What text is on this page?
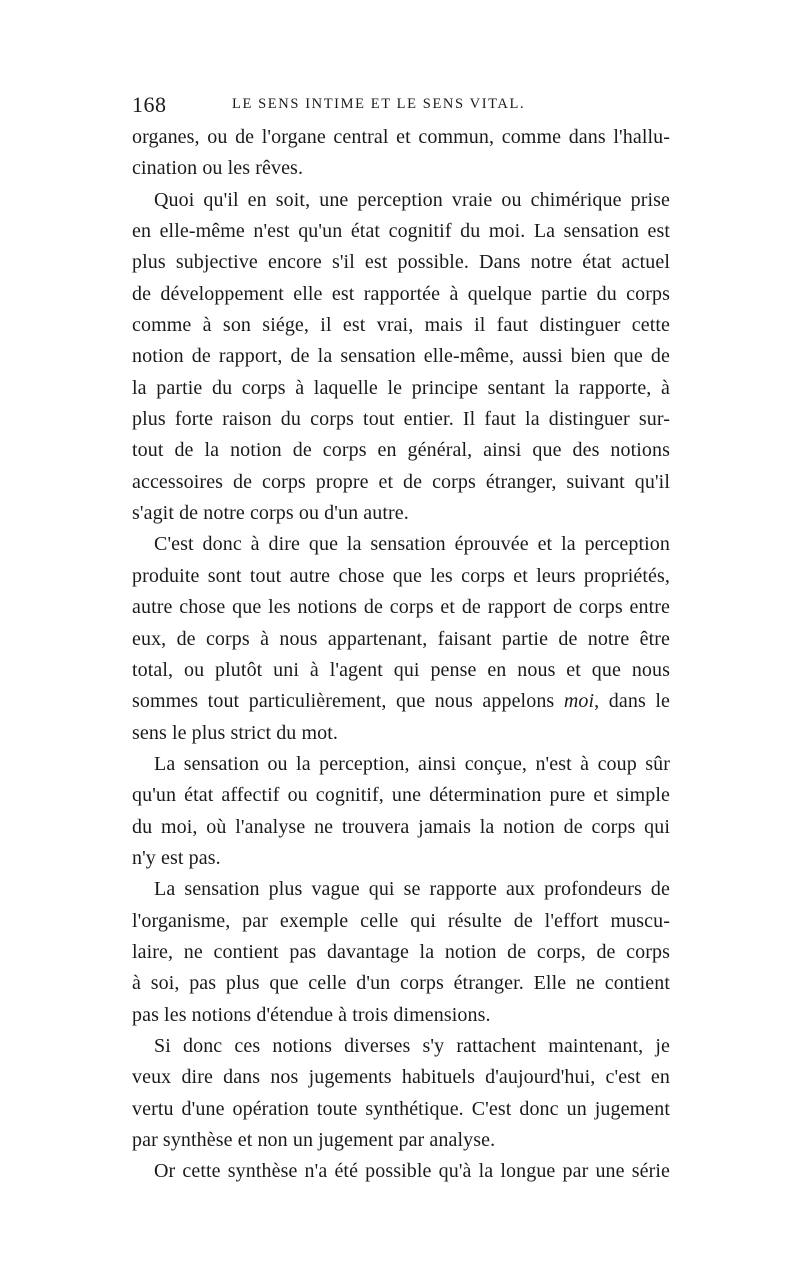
168	LE SENS INTIME ET LE SENS VITAL.
organes, ou de l'organe central et commun, comme dans l'hallu-
cination ou les rêves.
Quoi qu'il en soit, une perception vraie ou chimérique prise
en elle-même n'est qu'un état cognitif du moi. La sensation est
plus subjective encore s'il est possible. Dans notre état actuel
de développement elle est rapportée à quelque partie du corps
comme à son siége, il est vrai, mais il faut distinguer cette
notion de rapport, de la sensation elle-même, aussi bien que de
la partie du corps à laquelle le principe sentant la rapporte, à
plus forte raison du corps tout entier. Il faut la distinguer sur-
tout de la notion de corps en général, ainsi que des notions
accessoires de corps propre et de corps étranger, suivant qu'il
s'agit de notre corps ou d'un autre.
C'est donc à dire que la sensation éprouvée et la perception
produite sont tout autre chose que les corps et leurs propriétés,
autre chose que les notions de corps et de rapport de corps entre
eux, de corps à nous appartenant, faisant partie de notre être
total, ou plutôt uni à l'agent qui pense en nous et que nous
sommes tout particulièrement, que nous appelons moi, dans le
sens le plus strict du mot.
La sensation ou la perception, ainsi conçue, n'est à coup sûr
qu'un état affectif ou cognitif, une détermination pure et simple
du moi, où l'analyse ne trouvera jamais la notion de corps qui
n'y est pas.
La sensation plus vague qui se rapporte aux profondeurs de
l'organisme, par exemple celle qui résulte de l'effort muscu-
laire, ne contient pas davantage la notion de corps, de corps
à soi, pas plus que celle d'un corps étranger. Elle ne contient
pas les notions d'étendue à trois dimensions.
Si donc ces notions diverses s'y rattachent maintenant, je
veux dire dans nos jugements habituels d'aujourd'hui, c'est en
vertu d'une opération toute synthétique. C'est donc un jugement
par synthèse et non un jugement par analyse.
Or cette synthèse n'a été possible qu'à la longue par une série
